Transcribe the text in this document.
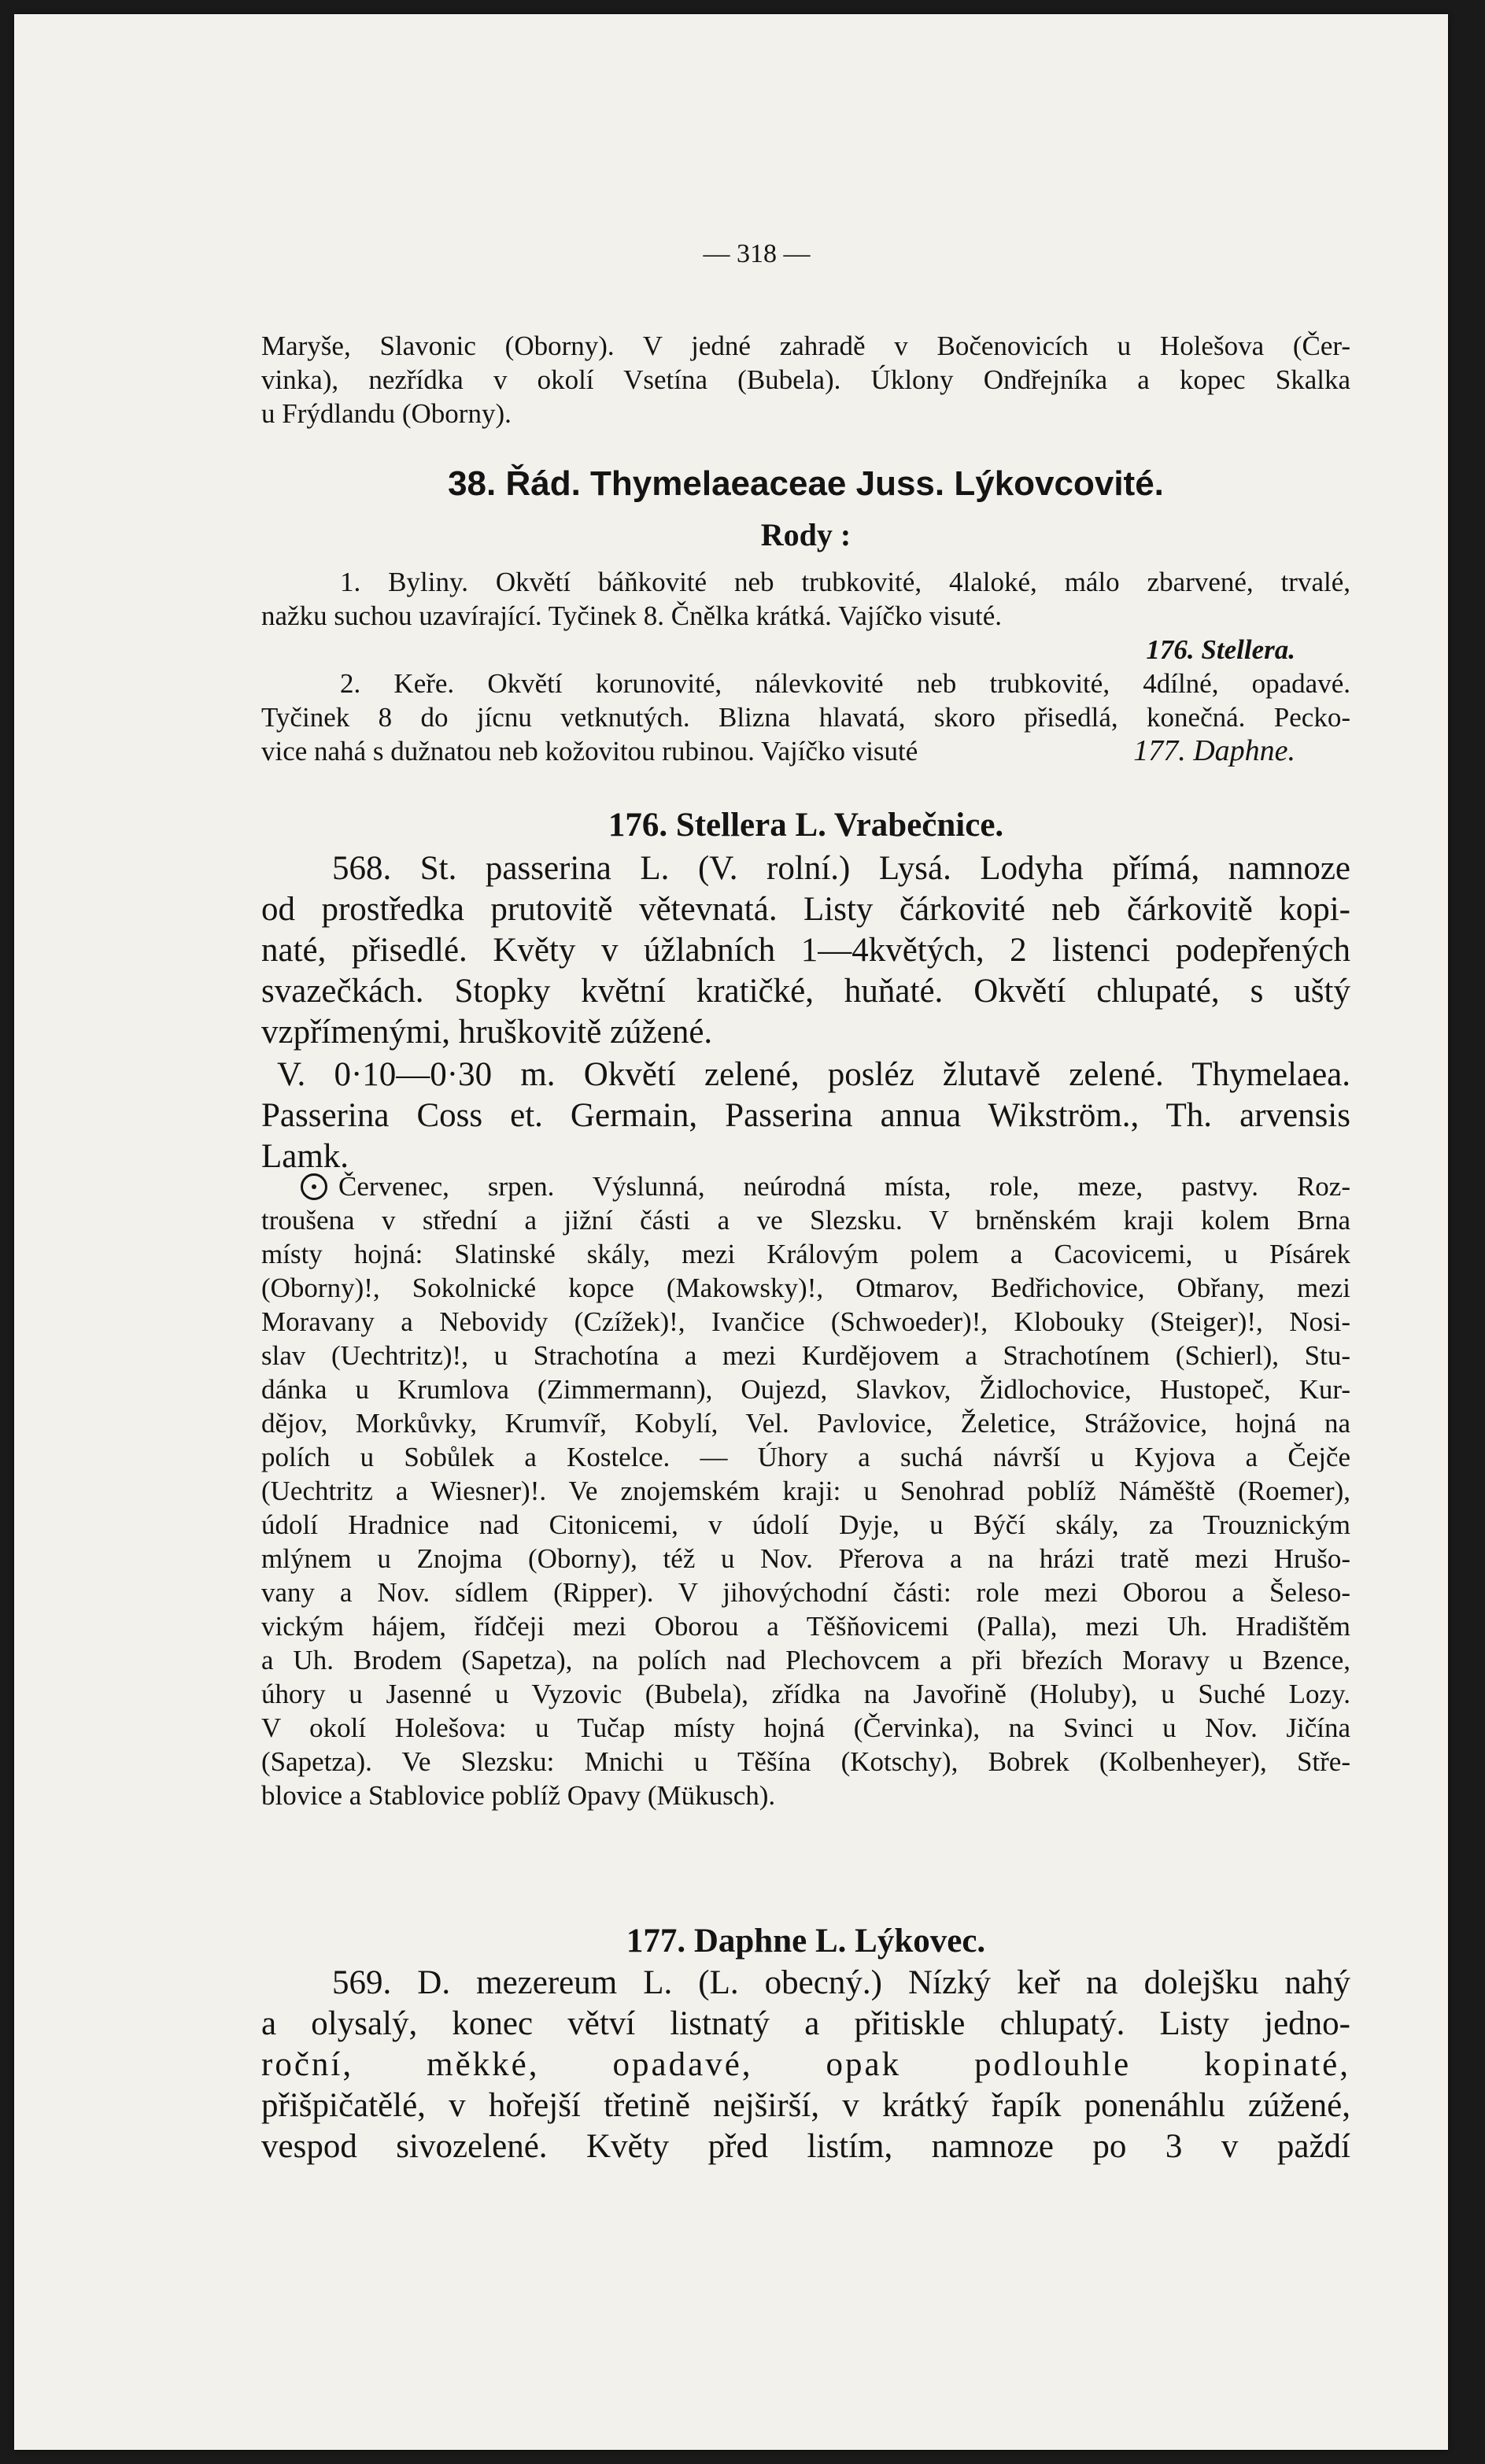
— 318 —
Maryše, Slavonic (Oborny). V jedné zahradě v Bočenovicích u Holešova (Čer-
vinka), nezřídka v okolí Vsetína (Bubela). Úklony Ondřejníka a kopec Skalka
u Frýdlandu (Oborny).
38. Řád. Thymelaeaceae Juss. Lýkovcovité.
Rody :
1. Byliny. Okvětí báňkovité neb trubkovité, 4laloké, málo zbarvené, trvalé,
nažku suchou uzavírající. Tyčinek 8. Čnělka krátká. Vajíčko visuté.
176. Stellera.
2. Keře. Okvětí korunovité, nálevkovité neb trubkovité, 4dílné, opadavé.
Tyčinek 8 do jícnu vetknutých. Blizna hlavatá, skoro přisedlá, konečná. Pecko-
vice nahá s dužnatou neb kožovitou rubinou. Vajíčko visuté	177. Daphne.
176. Stellera L. Vrabečnice.
568. St. passerina L. (V. rolní.) Lysá. Lodyha přímá, namnoze
od prostředka prutovitě větevnatá. Listy čárkovité neb čárkovitě kopi-
naté, přisedlé. Květy v úžlabních 1—4květých, 2 listenci podepřených
svazečkách. Stopky květní kratičké, huňaté. Okvětí chlupaté, s uštý
vzpřímenými, hruškovitě zúžené.
V. 0·10—0·30 m. Okvětí zelené, posléz žlutavě zelené. Thymelaea.
Passerina Coss et. Germain, Passerina annua Wikström., Th. arvensis
Lamk.
Červenec, srpen. Výslunná, neúrodná místa, role, meze, pastvy. Roz-
troušena v střední a jižní části a ve Slezsku. V brněnském kraji kolem Brna
místy hojná: Slatinské skály, mezi Královým polem a Cacovicemi, u Písárek
(Oborny)!, Sokolnické kopce (Makowsky)!, Otmarov, Bedřichovice, Obřany, mezi
Moravany a Nebovidy (Czížek)!, Ivančice (Schwoeder)!, Klobouky (Steiger)!, Nosi-
slav (Uechtritz)!, u Strachotína a mezi Kurdějovem a Strachotínem (Schierl), Stu-
dánka u Krumlova (Zimmermann), Oujezd, Slavkov, Židlochovice, Hustopeč, Kur-
dějov, Morkůvky, Krumvíř, Kobylí, Vel. Pavlovice, Želetice, Strážovice, hojná na
polích u Sobůlek a Kostelce. — Úhory a suchá návrší u Kyjova a Čejče
(Uechtritz a Wiesner)!. Ve znojemském kraji: u Senohrad poblíž Náměště (Roemer),
údolí Hradnice nad Citonicemi, v údolí Dyje, u Býčí skály, za Trouznickým
mlýnem u Znojma (Oborny), též u Nov. Přerova a na hrázi tratě mezi Hrušo-
vany a Nov. sídlem (Ripper). V jihovýchodní části: role mezi Oborou a Šeleso-
vickým hájem, řídčeji mezi Oborou a Těšňovicemi (Palla), mezi Uh. Hradištěm
a Uh. Brodem (Sapetza), na polích nad Plechovcem a při březích Moravy u Bzence,
úhory u Jasenné u Vyzovic (Bubela), zřídka na Javořině (Holuby), u Suché Lozy.
V okolí Holešova: u Tučap místy hojná (Červinka), na Svinci u Nov. Jičína
(Sapetza). Ve Slezsku: Mnichi u Těšína (Kotschy), Bobrek (Kolbenheyer), Stře-
blovice a Stablovice poblíž Opavy (Mükusch).
177. Daphne L. Lýkovec.
569. D. mezereum L. (L. obecný.) Nízký keř na dolejšku nahý
a olysalý, konec větví listnatý a přitiskle chlupatý. Listy jedno-
roční, měkké, opadavé, opak podlouhle kopinaté,
přišpičatělé, v hořejší třetině nejširší, v krátký řapík ponenáhlu zúžené,
vespod sivozelené. Květy před listím, namnoze po 3 v paždí
